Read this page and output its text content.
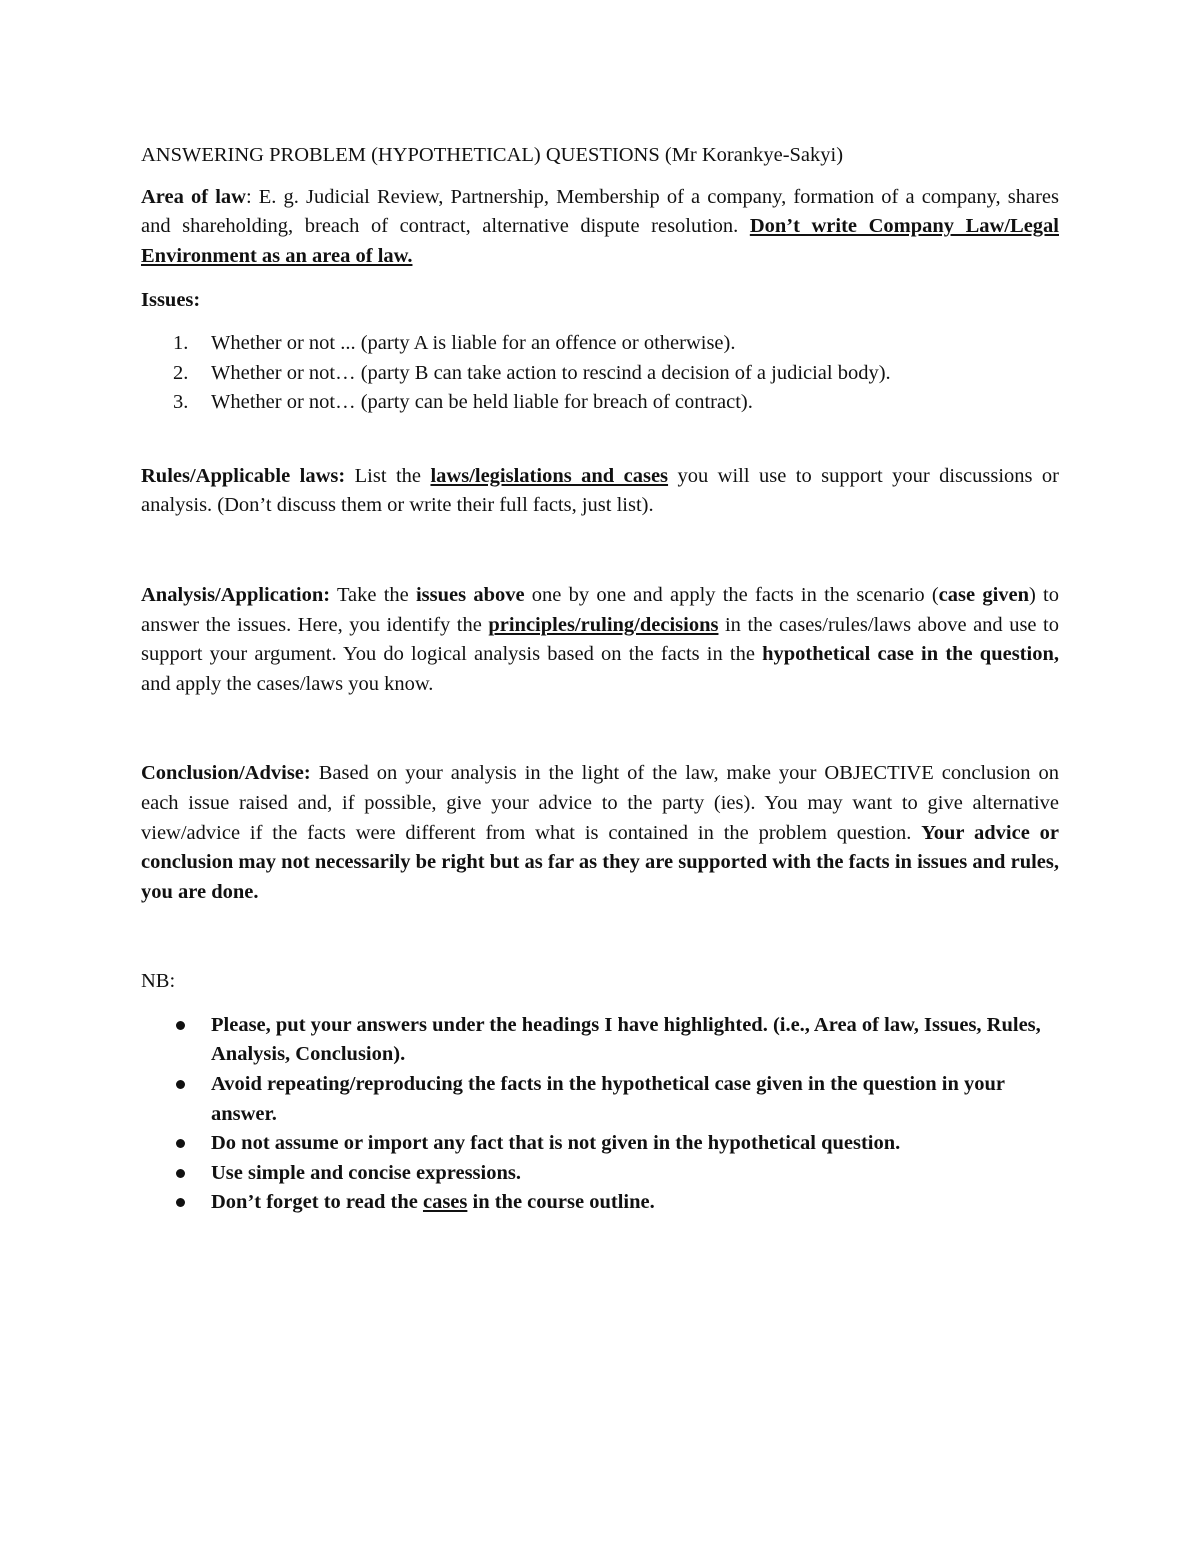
ANSWERING PROBLEM (HYPOTHETICAL) QUESTIONS (Mr Korankye-Sakyi)

Area of law: E. g. Judicial Review, Partnership, Membership of a company, formation of a company, shares and shareholding, breach of contract, alternative dispute resolution. Don’t write Company Law/Legal Environment as an area of law.

Issues:

1. Whether or not ... (party A is liable for an offence or otherwise).
2. Whether or not… (party B can take action to rescind a decision of a judicial body).
3. Whether or not… (party can be held liable for breach of contract).

Rules/Applicable laws: List the laws/legislations and cases you will use to support your discussions or analysis. (Don’t discuss them or write their full facts, just list).

Analysis/Application: Take the issues above one by one and apply the facts in the scenario (case given) to answer the issues. Here, you identify the principles/ruling/decisions in the cases/rules/laws above and use to support your argument. You do logical analysis based on the facts in the hypothetical case in the question, and apply the cases/laws you know.

Conclusion/Advise: Based on your analysis in the light of the law, make your OBJECTIVE conclusion on each issue raised and, if possible, give your advice to the party (ies). You may want to give alternative view/advice if the facts were different from what is contained in the problem question. Your advice or conclusion may not necessarily be right but as far as they are supported with the facts in issues and rules, you are done.

NB:

Please, put your answers under the headings I have highlighted. (i.e., Area of law, Issues, Rules, Analysis, Conclusion).
Avoid repeating/reproducing the facts in the hypothetical case given in the question in your answer.
Do not assume or import any fact that is not given in the hypothetical question.
Use simple and concise expressions.
Don’t forget to read the cases in the course outline.
